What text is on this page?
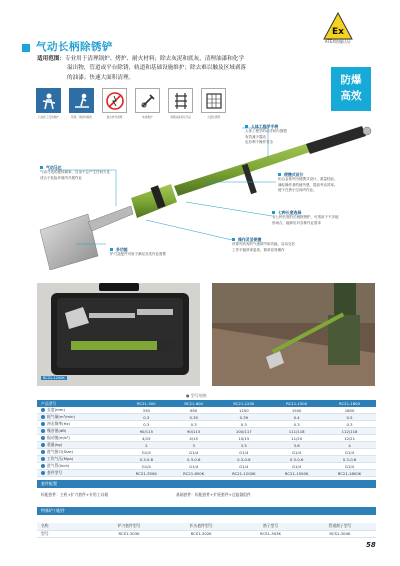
气动长柄除锈铲
Ex
ATEX防爆认证
防爆
高效
适用范围：专业用于清理锅炉、烤炉、耐火材料；除去灰泥和底灰，清理油漆和化学
溢出物，管道或平台除锈，轨道和基础设施维护；除去难以触及区域剥落
的油漆；快速大面积清理。
石油化工设备维护	管道、钢结构除锈	耐火材料清理	轨道维护	清理油漆和化学品	大面积清理
人体工程学手柄
人体工程学的动手柄与握把
有效减少震动
也有利于操作安全
气动马达
气动马达的旋转频率，自身不会产生任何火花
适合于危险环境内开展作业
便携式设计
铝合金系列为便携式设计，重量较轻。
减轻操作者的疲劳感，提高劳动效率。
便于在狭小空间内作业。
七种长度选择
有七种长度的长柄除锈铲，可适用于不多地
形场合，能够应对各种作业需求
操作灵活便捷
该系列具有的气流调节和功能，启动完后
工作平稳效率更高，简单容易操作
多功能
铲刀及配件可用于满足各类作业需要
RC21-1200K
● 型号规格
产品型号	RC21-300	RC21-600	RC21-1200	RC21-1500	RC21-1800
长度(mm)	330	650	1250	1500	1800
耗气量(m³/min)	0.3	0.35	0.39	0.4	0.5
冲击频率(Hz)	0.3	0.3	0.3	0.3	0.3
噪音值(dB)	90/115	90/115	100/117	111/118	112/118
振动值(m/s²)	4/15	4/15	10/15	11/20	12/21
重量(kg)	2	3	3.5	3.8	4
进气接口(Size)	G1/4	G1/4	G1/4	G1/4	G1/4
工作气压(Mpa)	0.3-0.6	0.3-0.6	0.3-0.6	0.3-0.6	0.3-0.6
进气管(Inch)	G1/4	G1/4	G1/4	G1/4	G1/4
套件型号	RC21-350K	RC21-650K	RC21-1200K	RC21-1500K	RC21-1800K
套件配置
标配套件：主机+扩刀套件+专用工具箱	基础套件：标配套件+扩展套件+过滤器组件
特殊铲刀配件
名称	铲刀套件型号	扒头套件型号	凿子型号	管道凿子型号
型号	RCS1-303K	RCS1-302K	RCS1-303K	RCS1-304K
58
